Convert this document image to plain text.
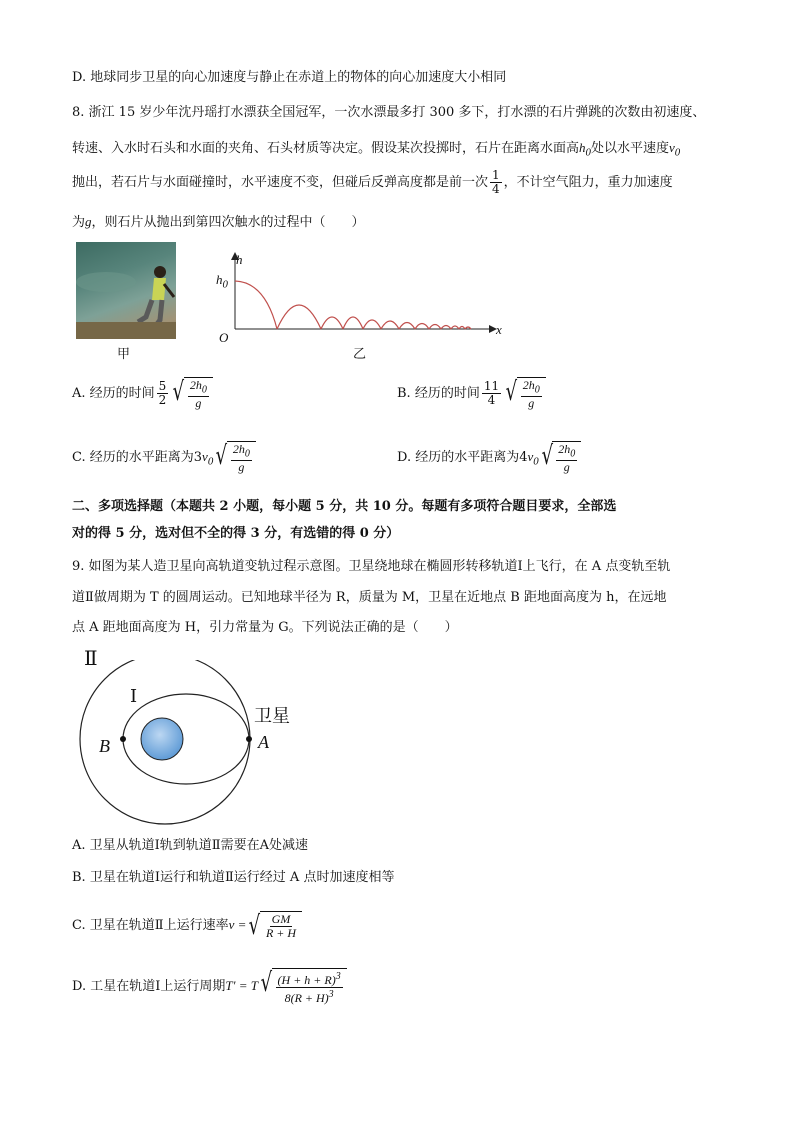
D. 地球同步卫星的向心加速度与静止在赤道上的物体的向心加速度大小相同
8. 浙江 15 岁少年沈丹瑶打水漂获全国冠军，一次水漂最多打 300 多下，打水漂的石片弹跳的次数由初速度、
转速、入水时石头和水面的夹角、石头材质等决定。假设某次投掷时，石片在距离水面高$h_0$处以水平速度$v_0$
抛出，若石片与水面碰撞时，水平速度不变，但碰后反弹高度都是前一次 $\frac{1}{4}$ ，不计空气阻力，重力加速度
为g，则石片从抛出到第四次触水的过程中（　　）
甲
h
$h_0$
O
x
乙
A. 经历的时间 $\frac{5}{2}$ √ $\frac{2h_0}{g}$	B. 经历的时间 $\frac{11}{4}$ √ $\frac{2h_0}{g}$
C. 经历的水平距离为$3v_0$ √ $\frac{2h_0}{g}$	D. 经历的水平距离为$4v_0$ √ $\frac{2h_0}{g}$
二、多项选择题（本题共 2 小题，每小题 5 分，共 10 分。每题有多项符合题目要求，全部选
对的得 5 分，选对但不全的得 3 分，有选错的得 0 分）
9. 如图为某人造卫星向高轨道变轨过程示意图。卫星绕地球在椭圆形转移轨道Ⅰ上飞行，在 A 点变轨至轨
道Ⅱ做周期为 T 的圆周运动。已知地球半径为 R，质量为 M，卫星在近地点 B 距地面高度为 h，在远地
点 A 距地面高度为 H，引力常量为 G。下列说法正确的是（　　）
Ⅱ
Ⅰ
卫星
A
B
A. 卫星从轨道Ⅰ轨到轨道Ⅱ需要在A处减速
B. 卫星在轨道Ⅰ运行和轨道Ⅱ运行经过 A 点时加速度相等
C. 卫星在轨道Ⅱ上运行速率v = √ $\frac{GM}{R + H}$
D. 工星在轨道Ⅰ上运行周期T′ = T √ $\frac{(H + h + R)^3}{8(R + H)^3}$
